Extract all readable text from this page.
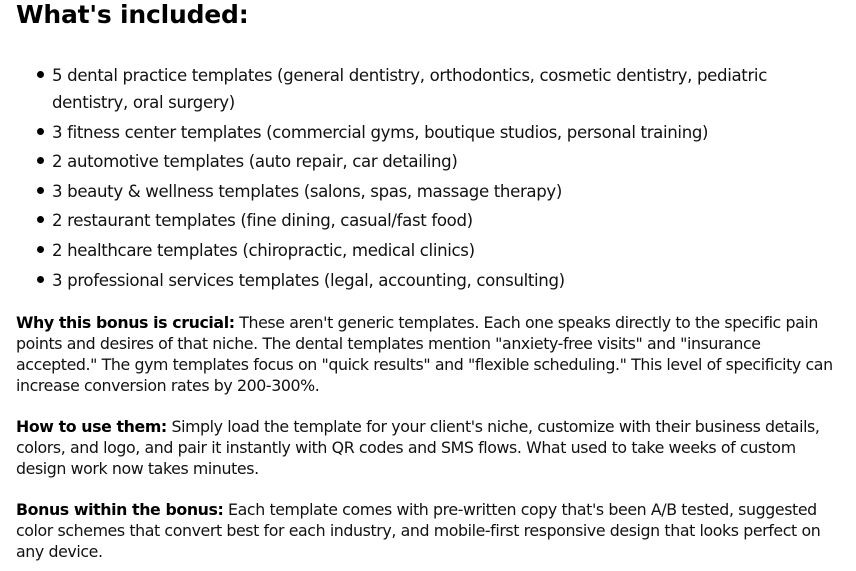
What's included:
5 dental practice templates (general dentistry, orthodontics, cosmetic dentistry, pediatric dentistry, oral surgery)
3 fitness center templates (commercial gyms, boutique studios, personal training)
2 automotive templates (auto repair, car detailing)
3 beauty & wellness templates (salons, spas, massage therapy)
2 restaurant templates (fine dining, casual/fast food)
2 healthcare templates (chiropractic, medical clinics)
3 professional services templates (legal, accounting, consulting)

Why this bonus is crucial: These aren't generic templates. Each one speaks directly to the specific pain points and desires of that niche. The dental templates mention "anxiety-free visits" and "insurance accepted." The gym templates focus on "quick results" and "flexible scheduling." This level of specificity can increase conversion rates by 200-300%.

How to use them: Simply load the template for your client's niche, customize with their business details, colors, and logo, and pair it instantly with QR codes and SMS flows. What used to take weeks of custom design work now takes minutes.

Bonus within the bonus: Each template comes with pre-written copy that's been A/B tested, suggested color schemes that convert best for each industry, and mobile-first responsive design that looks perfect on any device.
